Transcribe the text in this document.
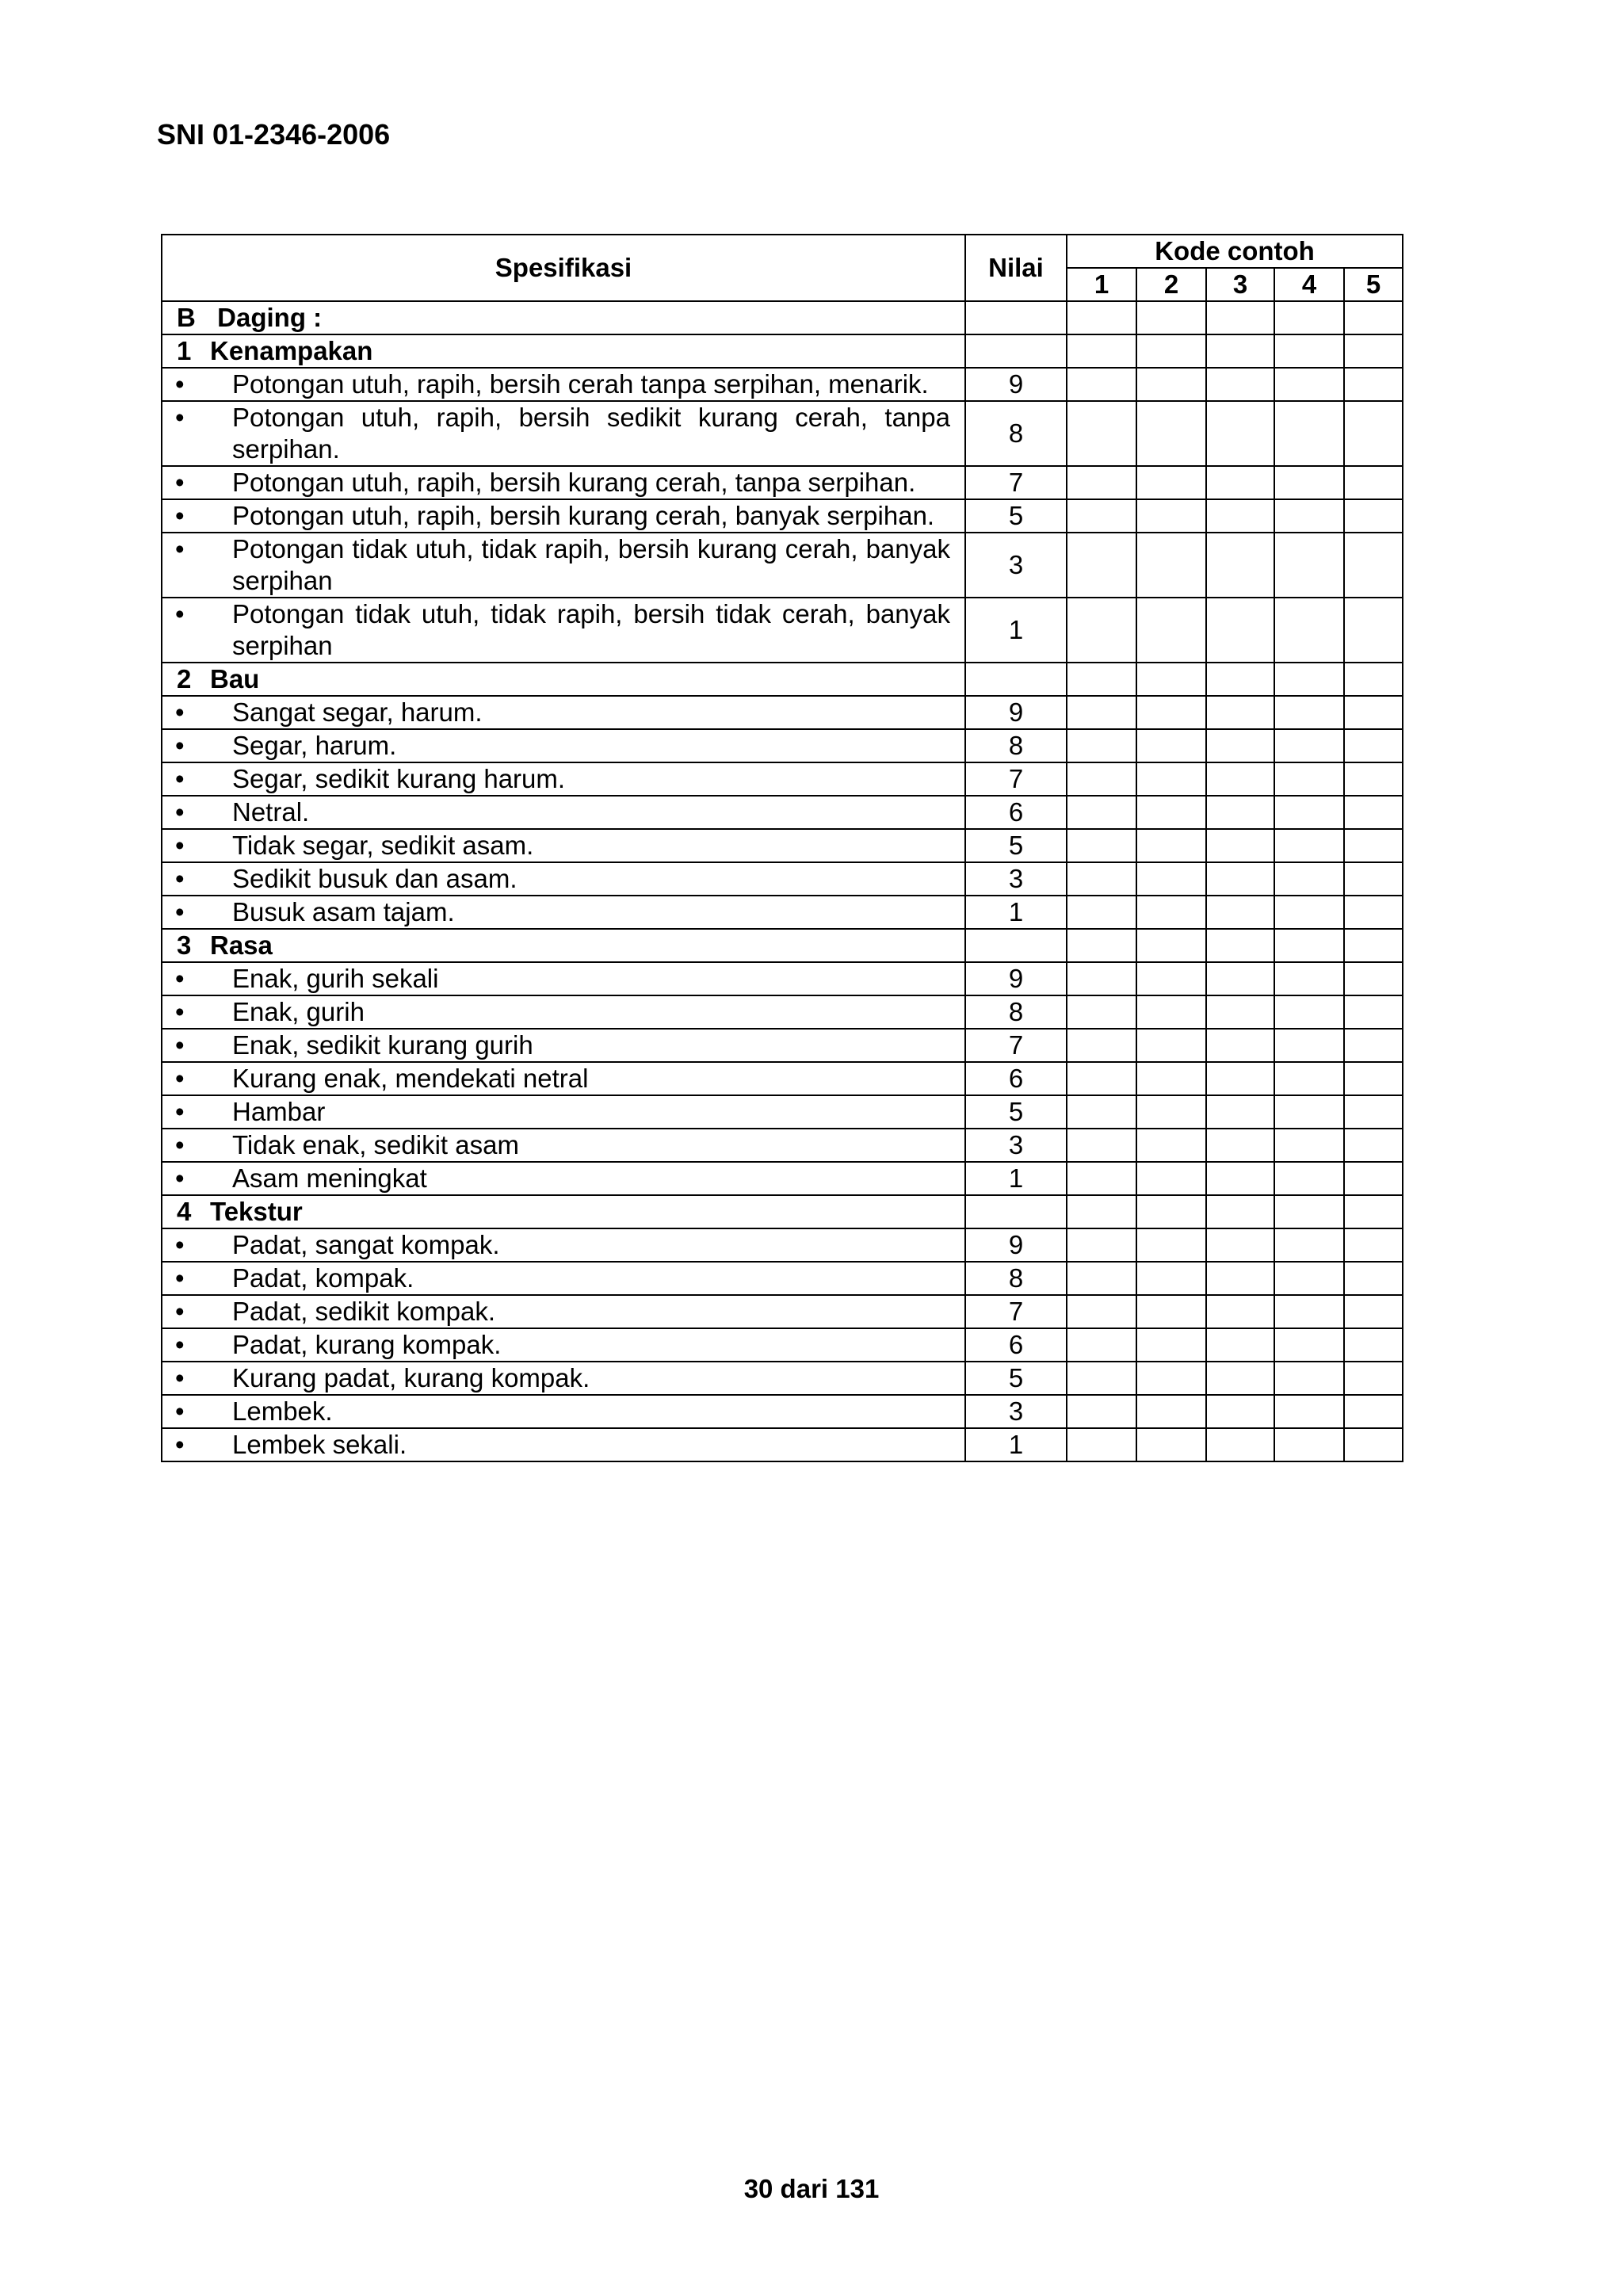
SNI 01-2346-2006
Spesifikasi	Nilai	Kode contoh				
		1	2	3	4	5
B Daging :						
1 Kenampakan						

• Potongan utuh, rapih, bersih cerah tanpa serpihan, menarik.	9					

• Potongan utuh, rapih, bersih sedikit kurang cerah, tanpa serpihan.	8					

• Potongan utuh, rapih, bersih kurang cerah, tanpa serpihan.	7					

• Potongan utuh, rapih, bersih kurang cerah, banyak serpihan.	5					

• Potongan tidak utuh, tidak rapih, bersih kurang cerah, banyak serpihan	3					

• Potongan tidak utuh, tidak rapih, bersih tidak cerah, banyak serpihan	1					
2 Bau						

• Sangat segar, harum.	9					

• Segar, harum.	8					

• Segar, sedikit kurang harum.	7					

• Netral.	6					

• Tidak segar, sedikit asam.	5					

• Sedikit busuk dan asam.	3					

• Busuk asam tajam.	1					
3 Rasa						

• Enak, gurih sekali	9					

• Enak, gurih	8					

• Enak, sedikit kurang gurih	7					

• Kurang enak, mendekati netral	6					

• Hambar	5					

• Tidak enak, sedikit asam	3					

• Asam meningkat	1					
4 Tekstur						

• Padat, sangat kompak.	9					

• Padat, kompak.	8					

• Padat, sedikit kompak.	7					

• Padat, kurang kompak.	6					

• Kurang padat, kurang kompak.	5					

• Lembek.	3					

• Lembek sekali.	1					
30 dari 131
